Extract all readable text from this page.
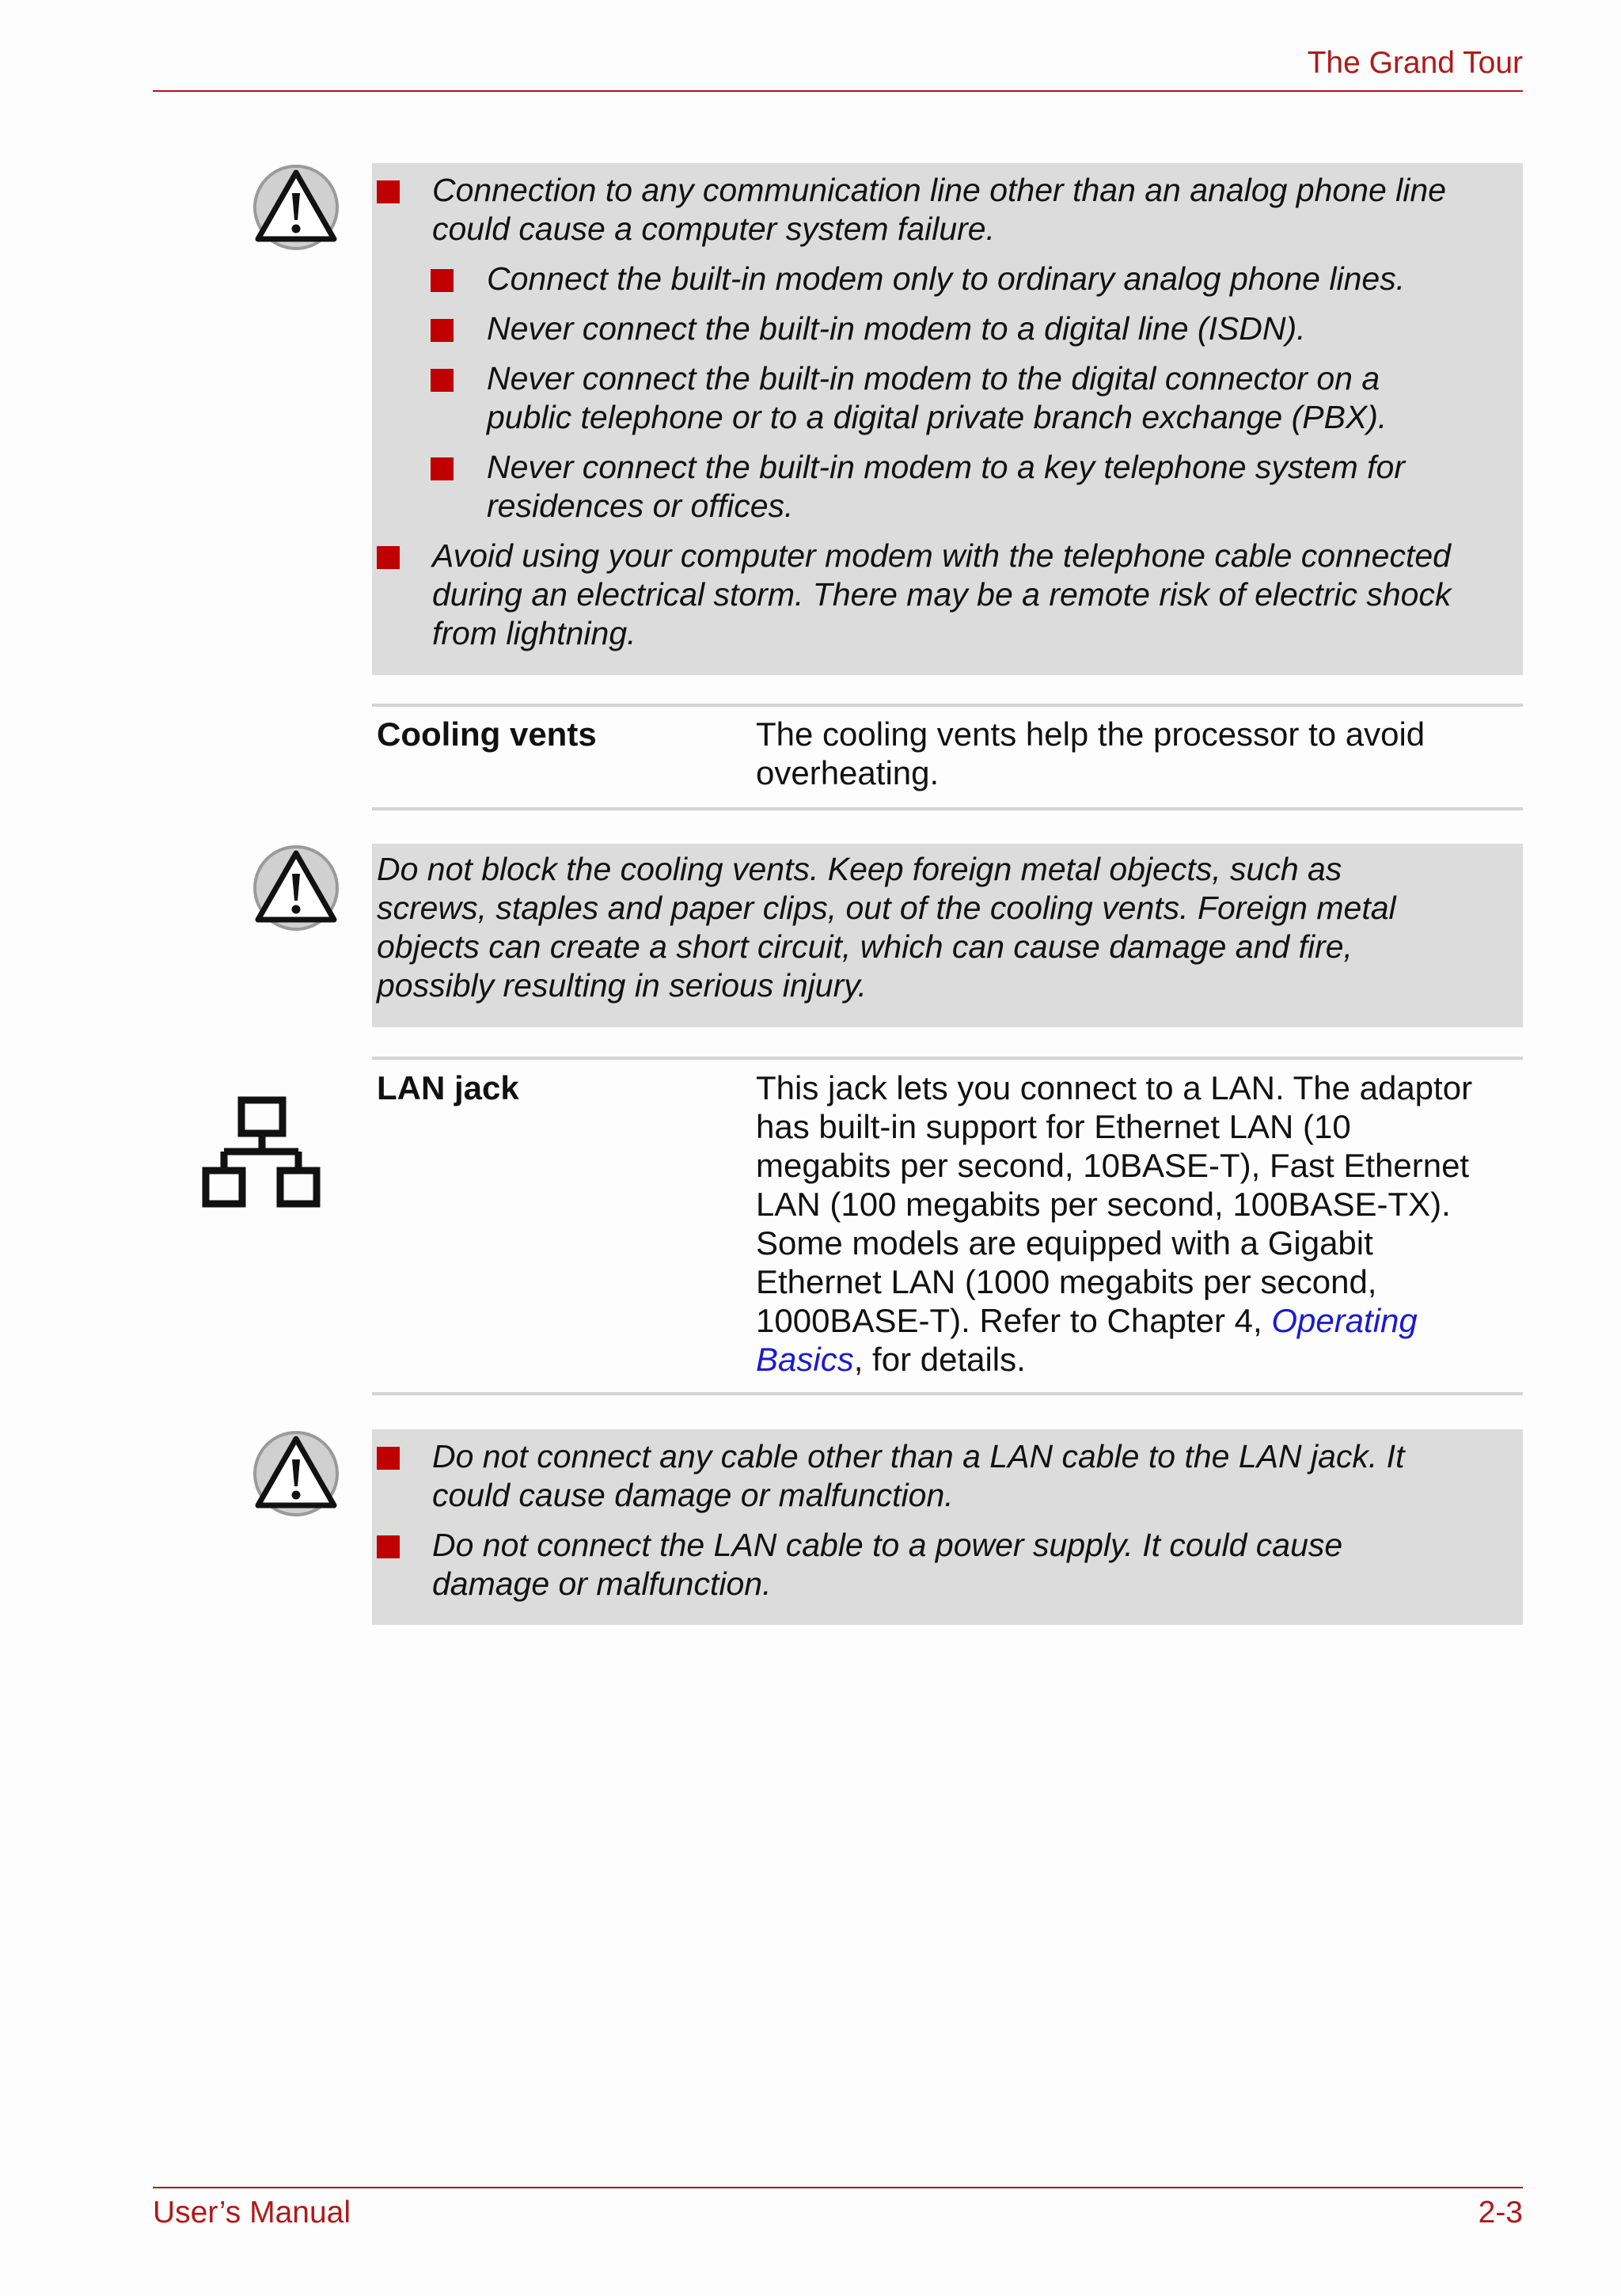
The Grand Tour
Connection to any communication line other than an analog phone line
could cause a computer system failure.
Connect the built-in modem only to ordinary analog phone lines.
Never connect the built-in modem to a digital line (ISDN).
Never connect the built-in modem to the digital connector on a
public telephone or to a digital private branch exchange (PBX).
Never connect the built-in modem to a key telephone system for
residences or offices.
Avoid using your computer modem with the telephone cable connected
during an electrical storm. There may be a remote risk of electric shock
from lightning.
Cooling vents	The cooling vents help the processor to avoid
overheating.
Do not block the cooling vents. Keep foreign metal objects, such as
screws, staples and paper clips, out of the cooling vents. Foreign metal
objects can create a short circuit, which can cause damage and fire,
possibly resulting in serious injury.
LAN jack	This jack lets you connect to a LAN. The adaptor
has built-in support for Ethernet LAN (10
megabits per second, 10BASE-T), Fast Ethernet
LAN (100 megabits per second, 100BASE-TX).
Some models are equipped with a Gigabit
Ethernet LAN (1000 megabits per second,
1000BASE-T). Refer to Chapter 4, Operating
Basics, for details.
Do not connect any cable other than a LAN cable to the LAN jack. It
could cause damage or malfunction.
Do not connect the LAN cable to a power supply. It could cause
damage or malfunction.
User’s Manual	2-3
